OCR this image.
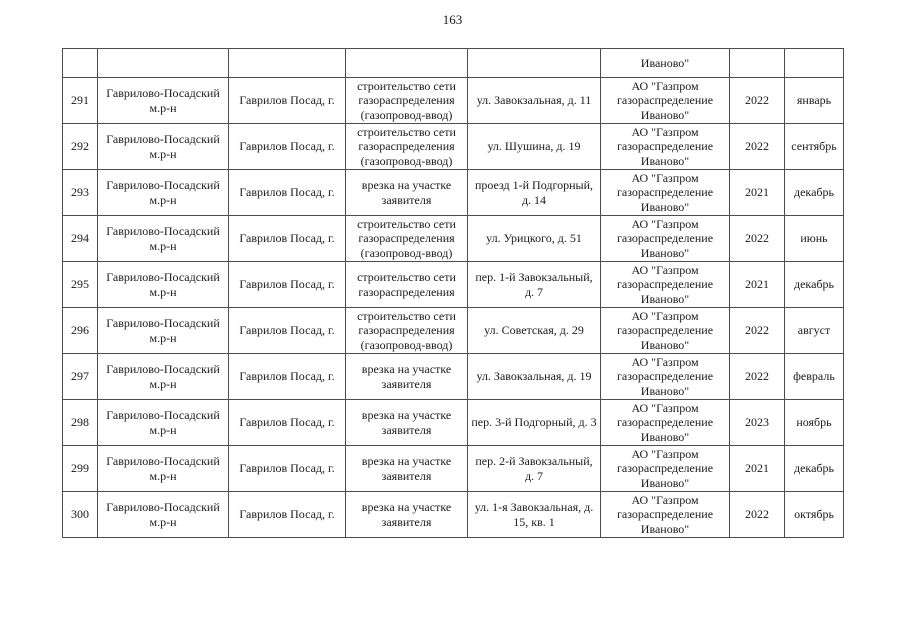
163
					Иваново"		
291	Гаврилово-Посадский м.р-н	Гаврилов Посад, г.	строительство сети газораспределения (газопровод-ввод)	ул. Завокзальная, д. 11	АО "Газпром газораспределение Иваново"	2022	январь
292	Гаврилово-Посадский м.р-н	Гаврилов Посад, г.	строительство сети газораспределения (газопровод-ввод)	ул. Шушина, д. 19	АО "Газпром газораспределение Иваново"	2022	сентябрь
293	Гаврилово-Посадский м.р-н	Гаврилов Посад, г.	врезка на участке заявителя	проезд 1-й Подгорный, д. 14	АО "Газпром газораспределение Иваново"	2021	декабрь
294	Гаврилово-Посадский м.р-н	Гаврилов Посад, г.	строительство сети газораспределения (газопровод-ввод)	ул. Урицкого, д. 51	АО "Газпром газораспределение Иваново"	2022	июнь
295	Гаврилово-Посадский м.р-н	Гаврилов Посад, г.	строительство сети газораспределения	пер. 1-й Завокзальный, д. 7	АО "Газпром газораспределение Иваново"	2021	декабрь
296	Гаврилово-Посадский м.р-н	Гаврилов Посад, г.	строительство сети газораспределения (газопровод-ввод)	ул. Советская, д. 29	АО "Газпром газораспределение Иваново"	2022	август
297	Гаврилово-Посадский м.р-н	Гаврилов Посад, г.	врезка на участке заявителя	ул. Завокзальная, д. 19	АО "Газпром газораспределение Иваново"	2022	февраль
298	Гаврилово-Посадский м.р-н	Гаврилов Посад, г.	врезка на участке заявителя	пер. 3-й Подгорный, д. 3	АО "Газпром газораспределение Иваново"	2023	ноябрь
299	Гаврилово-Посадский м.р-н	Гаврилов Посад, г.	врезка на участке заявителя	пер. 2-й Завокзальный, д. 7	АО "Газпром газораспределение Иваново"	2021	декабрь
300	Гаврилово-Посадский м.р-н	Гаврилов Посад, г.	врезка на участке заявителя	ул. 1-я Завокзальная, д. 15, кв. 1	АО "Газпром газораспределение Иваново"	2022	октябрь
